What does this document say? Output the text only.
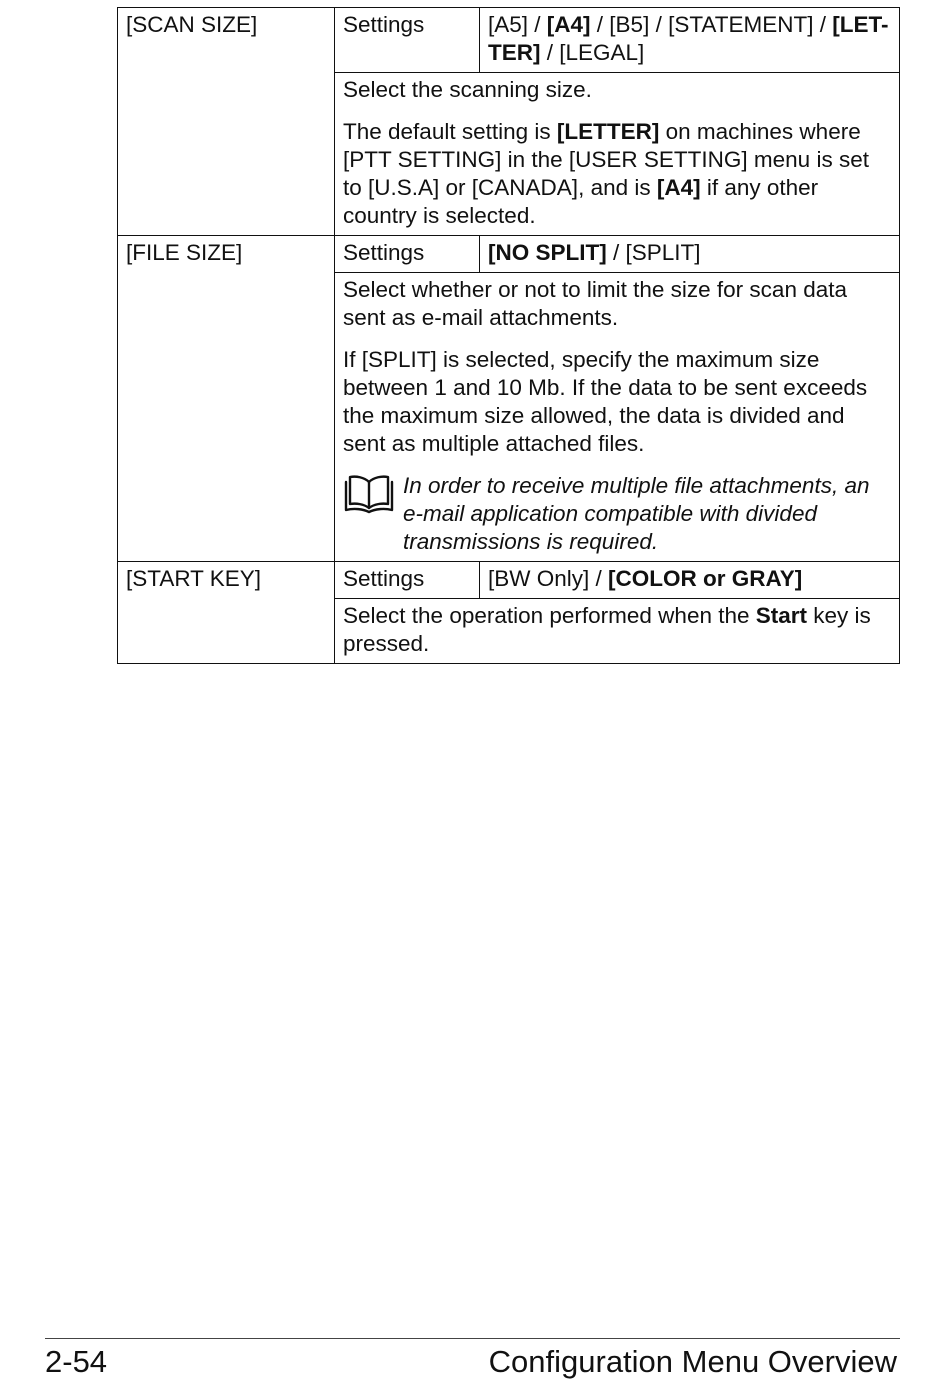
[SCAN SIZE]	Settings	[A5] / [A4] / [B5] / [STATEMENT] / [LET-TER] / [LEGAL]

	Select the scanning size.

The default setting is [LETTER] on machines where [PTT SETTING] in the [USER SETTING] menu is set to [U.S.A] or [CANADA], and is [A4] if any other country is selected.	

[FILE SIZE]	Settings	[NO SPLIT] / [SPLIT]

	Select whether or not to limit the size for scan data sent as e-mail attachments.

If [SPLIT] is selected, specify the maximum size between 1 and 10 Mb. If the data to be sent exceeds the maximum size allowed, the data is divided and sent as multiple attached files.

In order to receive multiple file attachments, an e-mail application compatible with divided transmissions is required.	

[START KEY]	Settings	[BW Only] / [COLOR or GRAY]

	Select the operation performed when the Start key is pressed.	

2-54	Configuration Menu Overview
